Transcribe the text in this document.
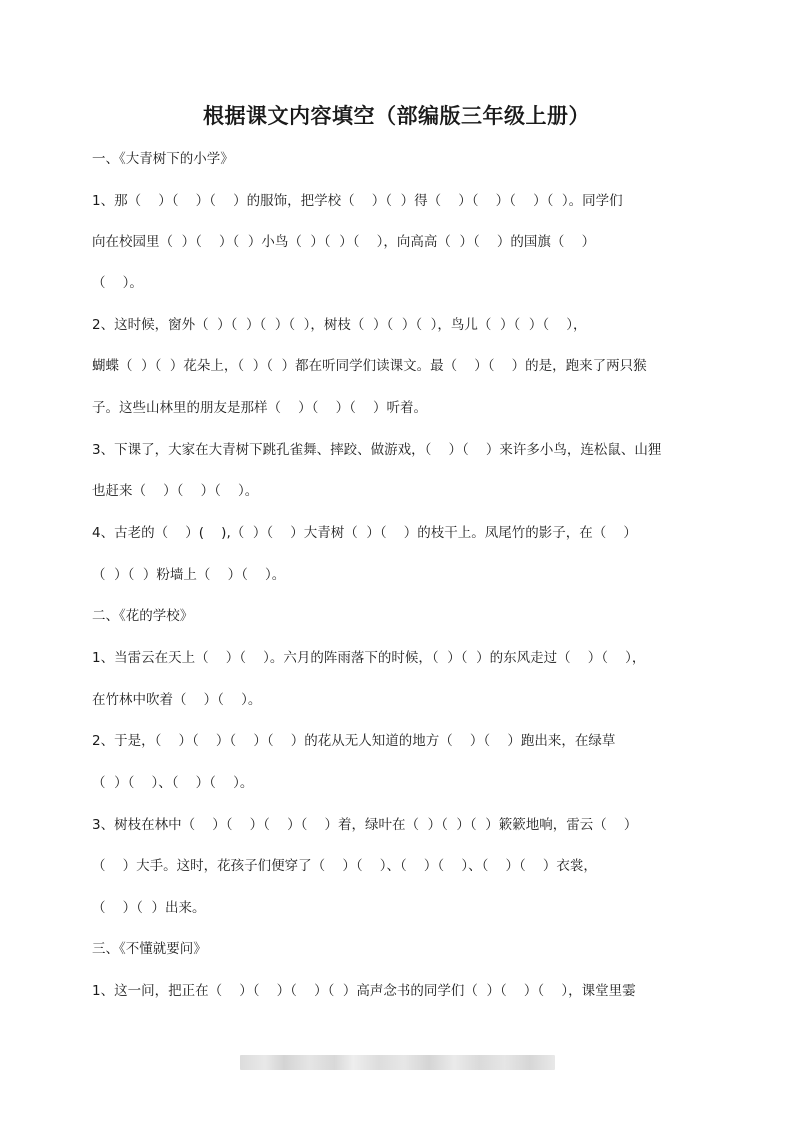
根据课文内容填空（部编版三年级上册）
一、《大青树下的小学》
1、那（    ）（    ）（    ）的服饰，把学校（    ）（  ）得（    ）（    ）（    ）（  ）。同学们
向在校园里（  ）（    ）（  ）小鸟（  ）（  ）（    ），向高高（  ）（    ）的国旗（    ）
（    ）。
2、这时候，窗外（  ）（  ）（  ）（  ），树枝（  ）（  ）（  ），鸟儿（  ）（  ）（    ），
蝴蝶（  ）（  ）花朵上，（  ）（  ）都在听同学们读课文。最（    ）（    ）的是，跑来了两只猴
子。这些山林里的朋友是那样（    ）（    ）（    ）听着。
3、下课了，大家在大青树下跳孔雀舞、摔跤、做游戏，（    ）（    ）来许多小鸟，连松鼠、山狸
也赶来（    ）（    ）（    ）。
4、古老的（    ）(    ),（  ）（    ）大青树（  ）（    ）的枝干上。凤尾竹的影子，在（    ）
（  ）（  ）粉墙上（    ）（    ）。
二、《花的学校》
1、当雷云在天上（    ）（    ）。六月的阵雨落下的时候，（  ）（  ）的东风走过（    ）（    ），
在竹林中吹着（    ）（    ）。
2、于是，（    ）（    ）（    ）（    ）的花从无人知道的地方（    ）（    ）跑出来，在绿草
（  ）（    ）、（    ）（    ）。
3、树枝在林中（    ）（    ）（    ）（    ）着，绿叶在（  ）（  ）（  ）簌簌地响，雷云（    ）
（    ）大手。这时，花孩子们便穿了（    ）（    ）、（    ）（    ）、（    ）（    ）衣裳，
（    ）（  ）出来。
三、《不懂就要问》
1、这一问，把正在（    ）（    ）（    ）（  ）高声念书的同学们（  ）（    ）（    ），课堂里霎
